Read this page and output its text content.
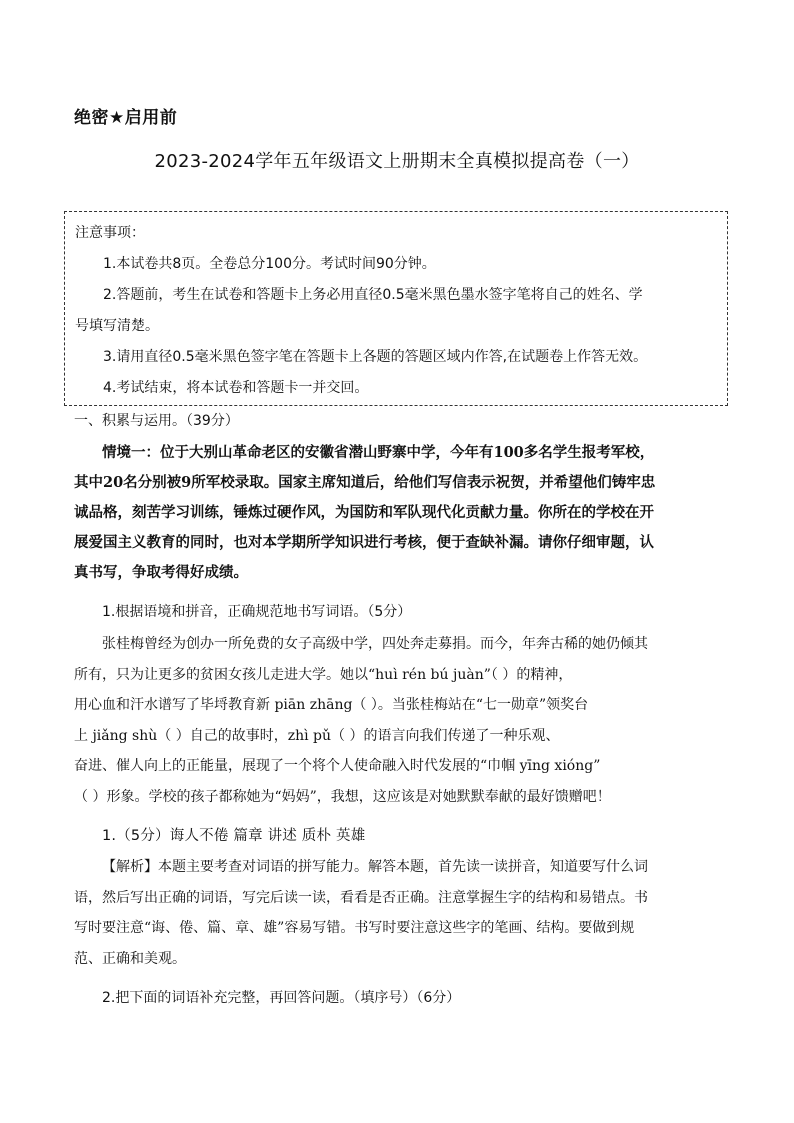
绝密★启用前
2023-2024学年五年级语文上册期末全真模拟提高卷（一）
注意事项：
1.本试卷共8页。全卷总分100分。考试时间90分钟。
2.答题前，考生在试卷和答题卡上务必用直径0.5毫米黑色墨水签字笔将自己的姓名、学
号填写清楚。
3.请用直径0.5毫米黑色签字笔在答题卡上各题的答题区域内作答,在试题卷上作答无效。
4.考试结束，将本试卷和答题卡一并交回。
一、积累与运用。（39分）

情境一：位于大别山革命老区的安徽省潜山野寨中学，今年有100多名学生报考军校，

其中20名分别被9所军校录取。国家主席知道后，给他们写信表示祝贺，并希望他们铸牢忠

诚品格，刻苦学习训练，锤炼过硬作风，为国防和军队现代化贡献力量。你所在的学校在开

展爱国主义教育的同时，也对本学期所学知识进行考核，便于查缺补漏。请你仔细审题，认

真书写，争取考得好成绩。

1.根据语境和拼音，正确规范地书写词语。（5分）

张桂梅曾经为创办一所免费的女子高级中学，四处奔走募捐。而今，年奔古稀的她仍倾其

所有，只为让更多的贫困女孩儿走进大学。她以“huì rén bú juàn”（ ）的精神，

用心血和汗水谱写了毕埒教育新 piān zhāng（ ）。当张桂梅站在“七一勋章”领奖台

上 jiǎng shù（ ）自己的故事时，zhì pǔ（ ）的语言向我们传递了一种乐观、

奋进、催人向上的正能量，展现了一个将个人使命融入时代发展的“巾帼 yīng xióng”

（ ）形象。学校的孩子都称她为“妈妈”，我想，这应该是对她默默奉献的最好馈赠吧！

1.（5分）诲人不倦 篇章 讲述 质朴 英雄

【解析】本题主要考查对词语的拼写能力。解答本题，首先读一读拼音，知道要写什么词

语，然后写出正确的词语，写完后读一读，看看是否正确。注意掌握生字的结构和易错点。书

写时要注意“诲、倦、篇、章、雄”容易写错。书写时要注意这些字的笔画、结构。要做到规

范、正确和美观。

2.把下面的词语补充完整，再回答问题。（填序号）（6分）
